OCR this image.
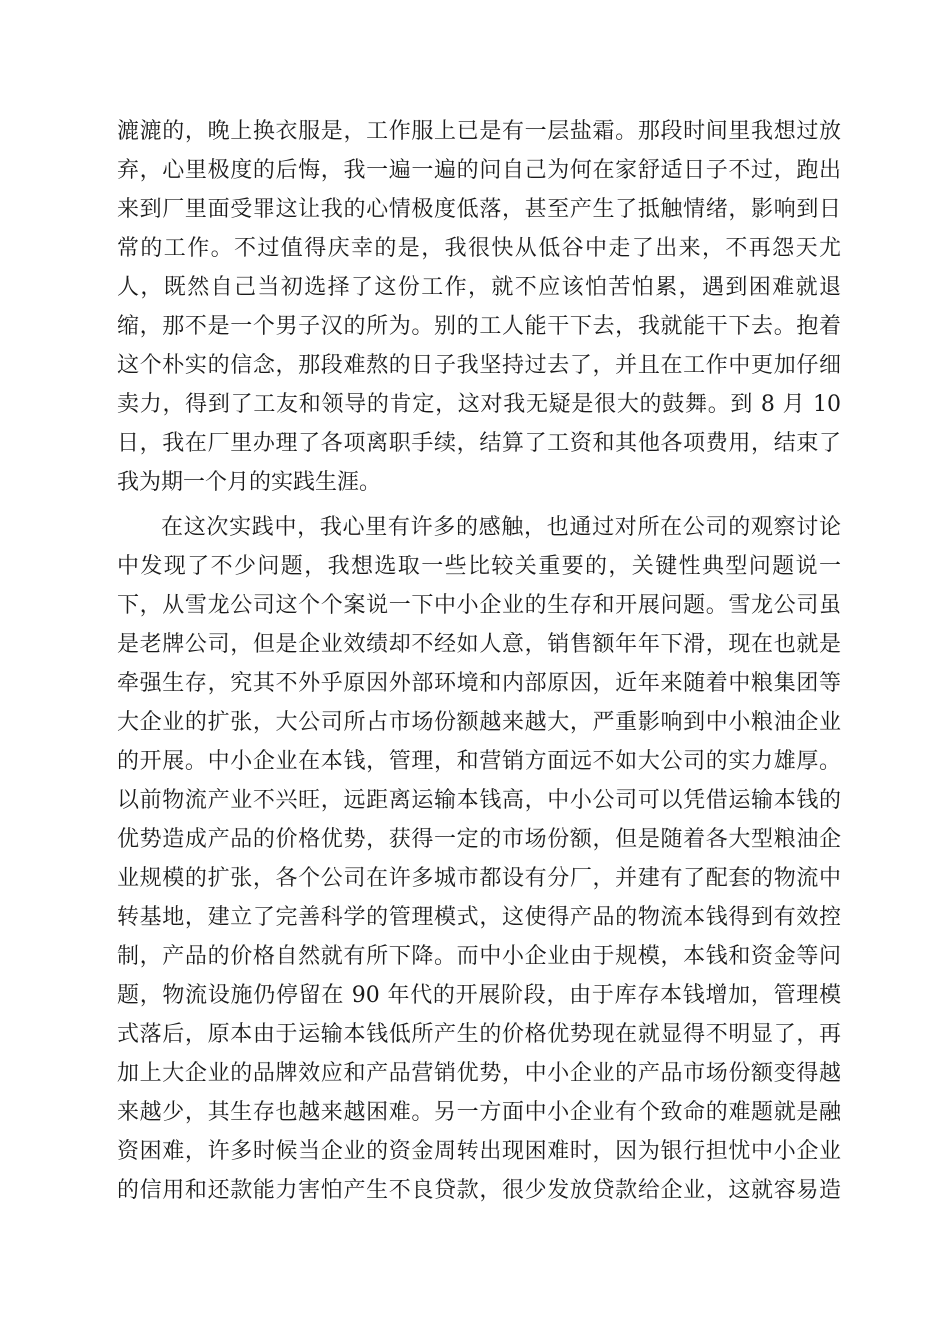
漉漉的，晚上换衣服是，工作服上已是有一层盐霜。那段时间里我想过放
弃，心里极度的后悔，我一遍一遍的问自己为何在家舒适日子不过，跑出
来到厂里面受罪这让我的心情极度低落，甚至产生了抵触情绪，影响到日
常的工作。不过值得庆幸的是，我很快从低谷中走了出来，不再怨天尤
人，既然自己当初选择了这份工作，就不应该怕苦怕累，遇到困难就退
缩，那不是一个男子汉的所为。别的工人能干下去，我就能干下去。抱着
这个朴实的信念，那段难熬的日子我坚持过去了，并且在工作中更加仔细
卖力，得到了工友和领导的肯定，这对我无疑是很大的鼓舞。到 8 月 10
日，我在厂里办理了各项离职手续，结算了工资和其他各项费用，结束了
我为期一个月的实践生涯。
在这次实践中，我心里有许多的感触，也通过对所在公司的观察讨论
中发现了不少问题，我想选取一些比较关重要的，关键性典型问题说一
下，从雪龙公司这个个案说一下中小企业的生存和开展问题。雪龙公司虽
是老牌公司，但是企业效绩却不经如人意，销售额年年下滑，现在也就是
牵强生存，究其不外乎原因外部环境和内部原因，近年来随着中粮集团等
大企业的扩张，大公司所占市场份额越来越大，严重影响到中小粮油企业
的开展。中小企业在本钱，管理，和营销方面远不如大公司的实力雄厚。
以前物流产业不兴旺，远距离运输本钱高，中小公司可以凭借运输本钱的
优势造成产品的价格优势，获得一定的市场份额，但是随着各大型粮油企
业规模的扩张，各个公司在许多城市都设有分厂，并建有了配套的物流中
转基地，建立了完善科学的管理模式，这使得产品的物流本钱得到有效控
制，产品的价格自然就有所下降。而中小企业由于规模，本钱和资金等问
题，物流设施仍停留在 90 年代的开展阶段，由于库存本钱增加，管理模
式落后，原本由于运输本钱低所产生的价格优势现在就显得不明显了，再
加上大企业的品牌效应和产品营销优势，中小企业的产品市场份额变得越
来越少，其生存也越来越困难。另一方面中小企业有个致命的难题就是融
资困难，许多时候当企业的资金周转出现困难时，因为银行担忧中小企业
的信用和还款能力害怕产生不良贷款，很少发放贷款给企业，这就容易造
